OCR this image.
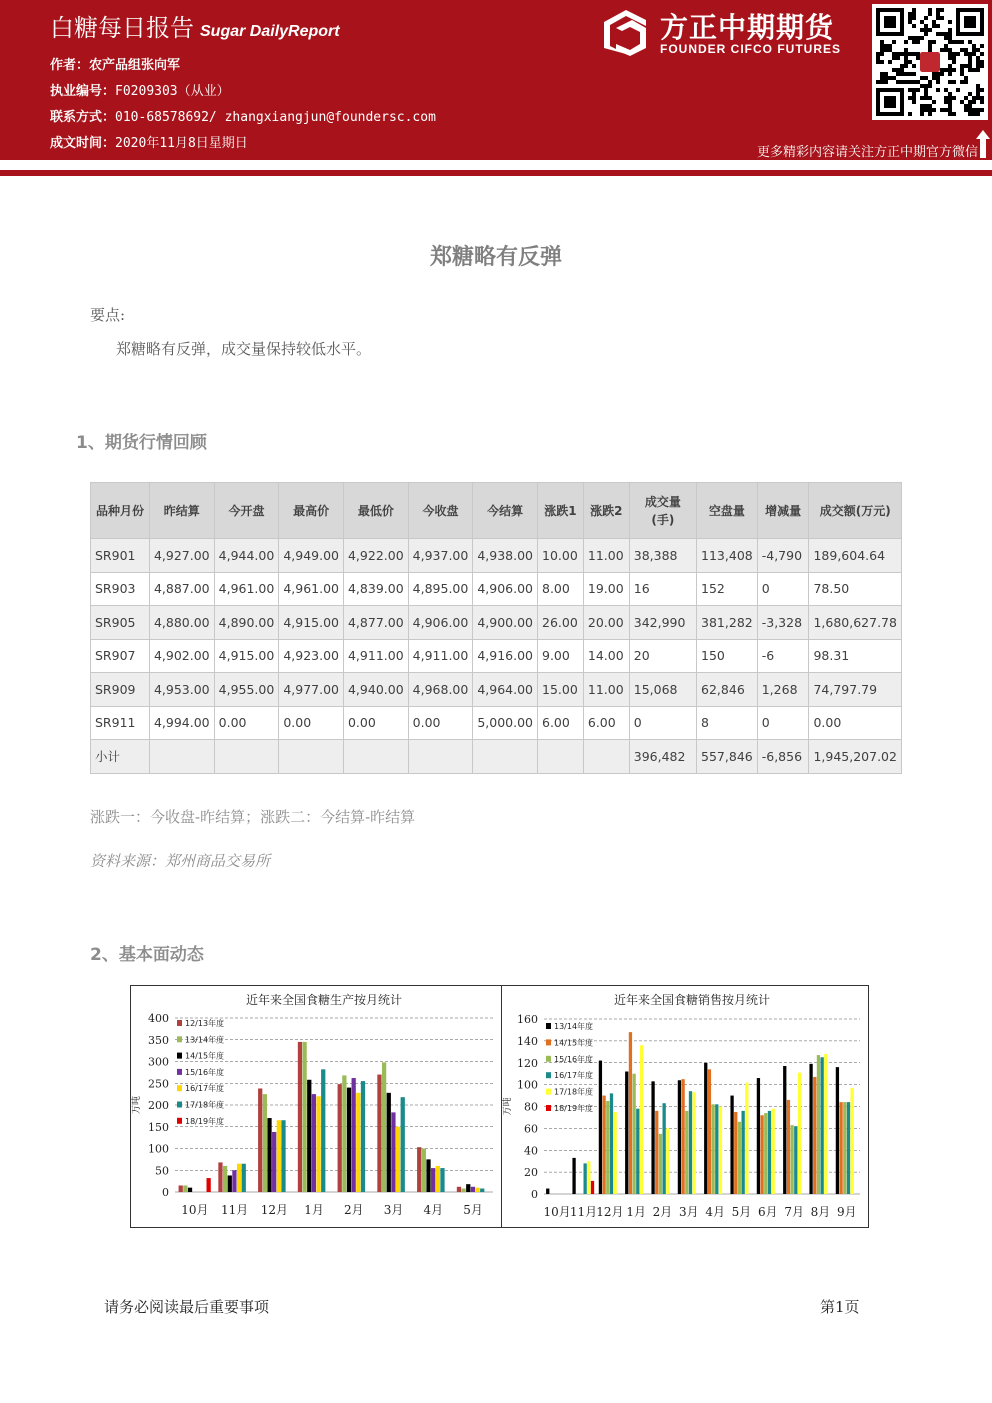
白糖每日报告 Sugar DailyReport
作者：农产品组张向军
执业编号：F0209303（从业）
联系方式：010-68578692/ zhangxiangjun@foundersc.com
成文时间：2020年11月8日星期日
方正中期期货
FOUNDER CIFCO FUTURES
更多精彩内容请关注方正中期官方微信
郑糖略有反弹
要点:
郑糖略有反弹，成交量保持较低水平。
1、期货行情回顾
品种月份	昨结算	今开盘	最高价	最低价	今收盘	今结算	涨跌1	涨跌2	成交量(手)	空盘量	增减量	成交额(万元)
SR901	4,927.00	4,944.00	4,949.00	4,922.00	4,937.00	4,938.00	10.00	11.00	38,388	113,408	-4,790	189,604.64
SR903	4,887.00	4,961.00	4,961.00	4,839.00	4,895.00	4,906.00	8.00	19.00	16	152	0	78.50
SR905	4,880.00	4,890.00	4,915.00	4,877.00	4,906.00	4,900.00	26.00	20.00	342,990	381,282	-3,328	1,680,627.78
SR907	4,902.00	4,915.00	4,923.00	4,911.00	4,911.00	4,916.00	9.00	14.00	20	150	-6	98.31
SR909	4,953.00	4,955.00	4,977.00	4,940.00	4,968.00	4,964.00	15.00	11.00	15,068	62,846	1,268	74,797.79
SR911	4,994.00	0.00	0.00	0.00	0.00	5,000.00	6.00	6.00	0	8	0	0.00
小计									396,482	557,846	-6,856	1,945,207.02
涨跌一：今收盘-昨结算；涨跌二：今结算-昨结算
资料来源：郑州商品交易所
2、基本面动态
近年来全国食糖生产按月统计
0
50
100
150
200
250
300
350
400
万吨
10月 11月 12月 1月 2月 3月 4月 5月
12/13年度
13/14年度
14/15年度
15/16年度
16/17年度
17/18年度
18/19年度
近年来全国食糖销售按月统计
0
20
40
60
80
100
120
140
160
万吨
10月 11月 12月 1月 2月 3月 4月 5月 6月 7月 8月 9月
13/14年度
14/15年度
15/16年度
16/17年度
17/18年度
18/19年度
请务必阅读最后重要事项	第1页
